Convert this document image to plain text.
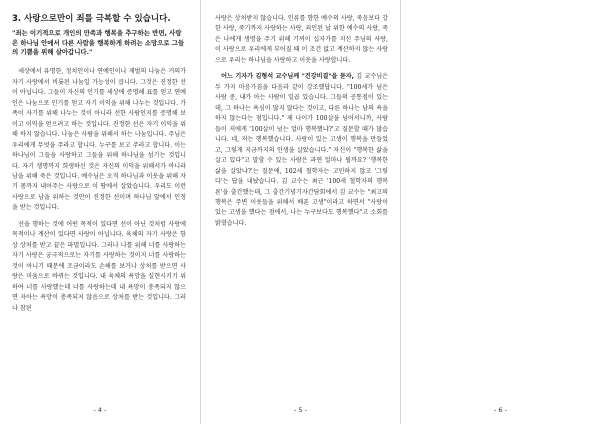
3. 사랑으로만이 죄를 극복할 수 있습니다.
"죄는 이기적으로 개인의 만족과 행복을 추구하는 반면, 사랑은 하나님 안에서 다른 사람을 행복하게 하려는 소망으로 그들의 기쁨을 위해 살아갑니다."

세상에서 유명한, 정치인이나 연예인이나 재벌의 나눔은 거의가 자기 사랑에서 비롯된 나눔일 가능성이 큽니다. 그것은 진정한 선이 아닙니다. 그들이 자신의 인기를 세상에 증명해 표를 얻고 연예인은 나눔으로 인기를 얻고 자기 이익을 위해 나누는 것입니다. 가족이 자기를 위해 나누는 것이 아니라 선한 사람인지를 증명해 보이고 이익을 얻으려고 하는 것입니다. 진정한 선은 자기 이익을 위해 하지 않습니다. 나눔은 사람을 위해서 하는 나눔입니다. 주님은 우리에게 무엇을 주라고 합니다. 누구를 보고 주라고 합니다. 이는 하나님이 그들을 사랑하고 그들을 위해 하나님을 섬기는 것입니다. 자기 생명까지 희생하신 것은 자신의 이익을 위해서가 아니라 남을 위해 죽은 것입니다. 예수님은 오직 하나님과 이웃을 위해 자기 몸까지 내어주는 사랑으로 이 땅에서 살았습니다. 우리도 이런 사랑으로 남을 위하는 것만이 진정한 선이며 하나님 앞에서 인정을 받는 것입니다.

선을 행하는 것에 어떤 목적이 있다면 선이 아닌 것처럼 사랑에 목적이나 계산이 있다면 사랑이 아닙니다. 육체의 자기 사랑은 항상 상처를 받고 끝은 파멸입니다. 그러나 나를 위해 너를 사랑하는 자기 사랑은 궁극적으로는 자기를 사랑하는 것이지 너를 사랑하는 것이 아니기 때문에 조금이라도 손해를 보거나 상처를 받으면 사랑은 미움으로 바뀌는 것입니다. 내 육체의 욕망을 실현시키기 위하여 너를 사랑했는데 너를 사랑하는데 내 욕망이 충족되지 않으면 자아는 욕망이 충족되지 않음으로 상처를 받는 것입니다. 그러나 참된

- 4 -

사랑은 상처받지 않습니다. 인류를 향한 예수의 사랑, 죽음보다 강한 사랑, 죽기까지 사랑하는 사랑, 죄인된 날 위한 예수의 사랑, 죽은 나에게 생명을 주기 위해 기꺼이 십자가를 지신 주님의 사랑, 이 사랑으로 우리에게 부어질 때 이 조건 없고 계산하지 않는 사랑으로 우리는 하나님을 사랑하고 이웃을 사랑합니다.

어느 기자가 김형석 교수님께 "건강비결"을 묻자, 김 교수님은 두 가지 마음가짐을 다음과 같이 강조했답니다. "100세가 넘은 사람 중, 내가 아는 사람이 일곱 있습니다. 그들의 공통점이 있는데, 그 하나는 욕심이 많지 않다는 것이고, 다른 하나는 남의 욕을 하지 않는다는 점입니다." 제 나이가 100살을 넘어서니까, 사람들이 저에게 '100살이 넘는 얼마 행복했냐?'고 질문할 때가 많습니다. 네, 저는 행복했습니다. 사랑이 있는 고생이 행복을 만들었고, 그렇게 지금까지의 인생을 살았습니다." 자신이 "행복한 삶을 살고 있다"고 말할 수 있는 사람은 과연 얼마나 될까요? '행복한 삶을 살았냐?'는 질문에, 102세 철학자는 고민하지 않고 '그렇다'는 답을 내놨습니다. 김 교수는 최근 '100세 철학자의 행복론'을 출간했는데, 그 출간기념기자간담회에서 김 교수는 "최고의 행복은 주변 이웃들을 위해서 베푼 고생"이라고 하면서 "사랑이 있는 고생을 했다는 점에서, 나는 누구보다도 행복했다"고 소회를 밝혔습니다.

- 5 -	- 6 -
